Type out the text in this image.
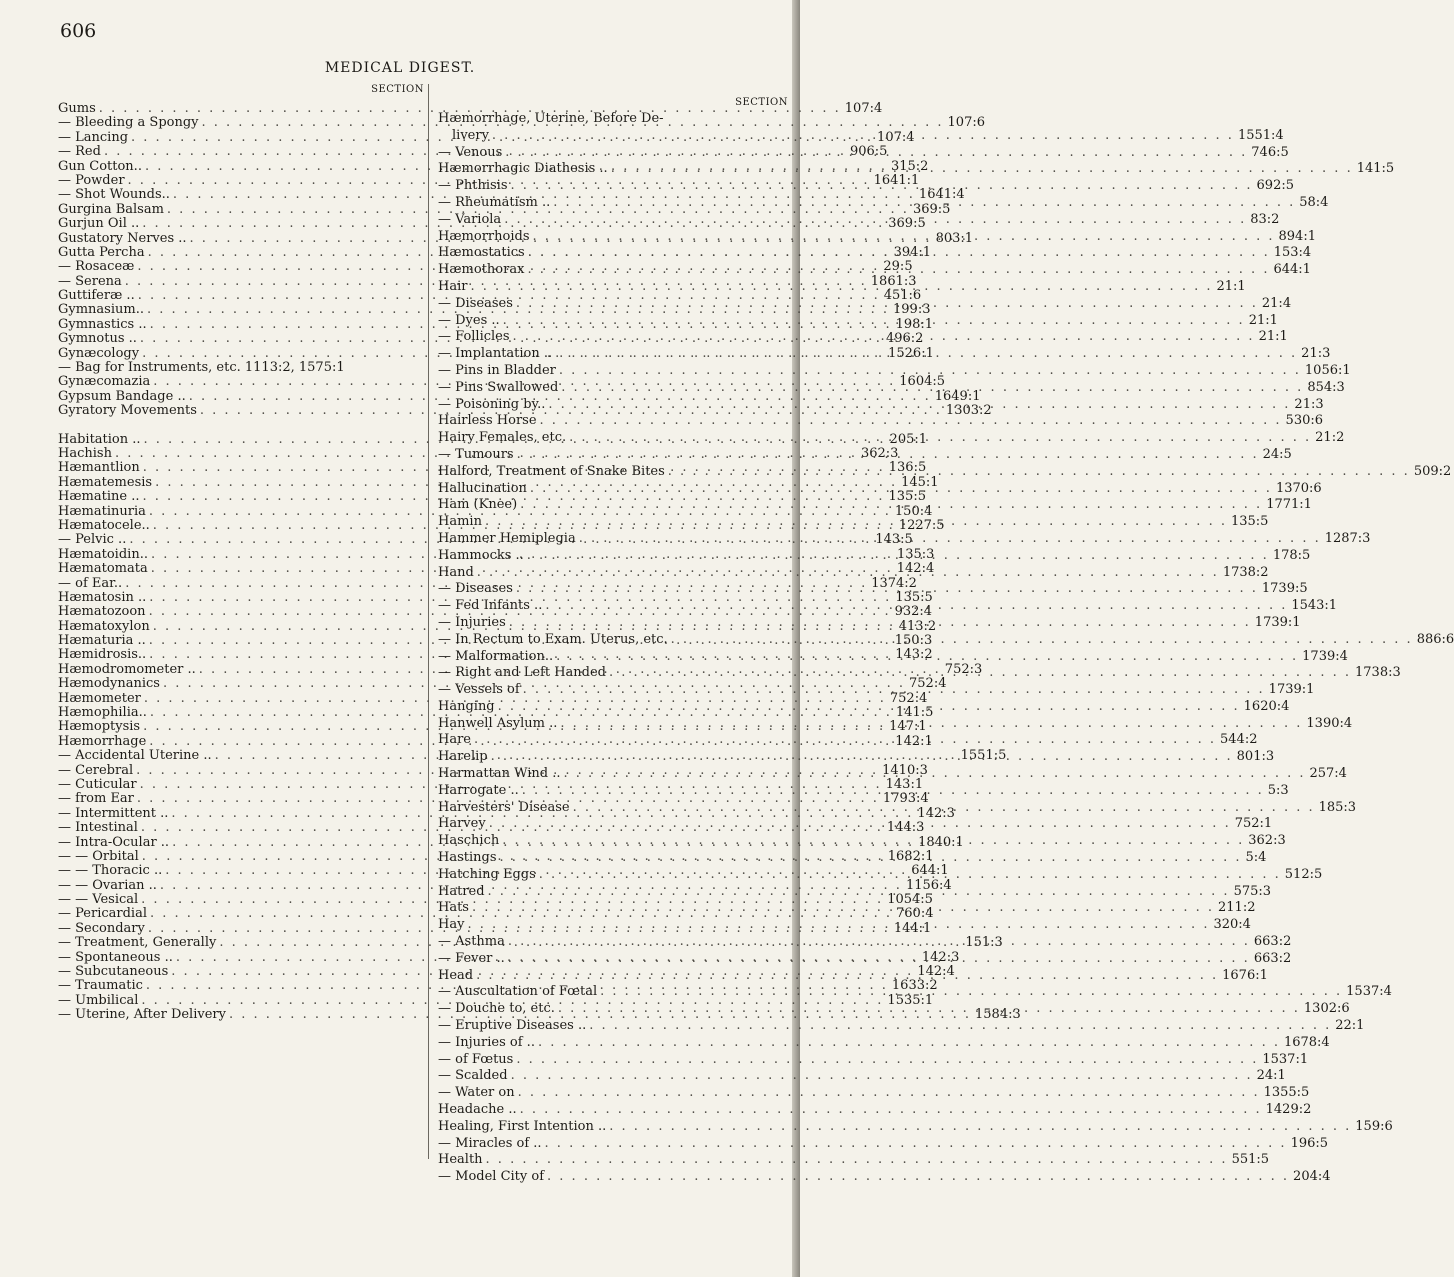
606
MEDICAL DIGEST.
SECTION
Gums . . .	107:4
— Bleeding a Spongy . . .	107:6
— Lancing . . .	107:4
— Red . . .	906:5
Gun Cotton.. . . .	315:2
— Powder . . .	1641:1
— Shot Wounds.. . . .	1641:4
Gurgina Balsam . . .	369:5
Gurjun Oil .. . . .	369:5
Gustatory Nerves .. . . .	803:1
Gutta Percha . . .	394:1
— Rosaceæ . . .	29:5
— Serena . . .	1861:3
Guttiferæ .. . . .	451:6
Gymnasium.. . . .	199:3
Gymnastics .. . . .	198:1
Gymnotus .. . . .	496:2
Gynæcology . . .	1526:1
— Bag for Instruments, etc. 1113:2, 1575:1
Gynæcomazia . . .	1604:5
Gypsum Bandage .. . . .	1649:1
Gyratory Movements . . .	1303:2
Habitation .. . . .	205:1
Hachish . . .	362:3
Hæmantlion . . .	136:5
Hæmatemesis . . .	145:1
Hæmatine .. . . .	135:5
Hæmatinuria . . .	150:4
Hæmatocele.. . . .	1227:5
— Pelvic .. . . .	143:5
Hæmatoidin.. . . .	135:3
Hæmatomata . . .	142:4
— of Ear.. . . .	1374:2
Hæmatosin .. . . .	135:5
Hæmatozoon . . .	932:4
Hæmatoxylon . . .	413:2
Hæmaturia .. . . .	150:3
Hæmidrosis.. . . .	143:2
Hæmodromometer .. . . .	752:3
Hæmodynanics . . .	752:4
Hæmometer . . .	752:4
Hæmophilia.. . . .	141:5
Hæmoptysis . . .	147:1
Hæmorrhage . . .	142:1
— Accidental Uterine .. . . .	1551:5
— Cerebral . . .	1410:3
— Cuticular . . .	143:1
— from Ear . . .	1793:4
— Intermittent .. . . .	142:3
— Intestinal . . .	144:3
— Intra-Ocular .. . . .	1840:1
— — Orbital . . .	1682:1
— — Thoracic .. . . .	644:1
— — Ovarian .. . . .	1156:4
— — Vesical . . .	1054:5
— Pericardial . . .	760:4
— Secondary . . .	144:1
— Treatment, Generally . . .	151:3
— Spontaneous .. . . .	142:3
— Subcutaneous . . .	142:4
— Traumatic . . .	1633:2
— Umbilical . . .	1535:1
— Uterine, After Delivery . . .	1584:3
SECTION
Hæmorrhage, Uterine, Before De-
livery . . .	1551:4
— Venous . . .	746:5
Hæmorrhagic Diathesis .. . . .	141:5
— Phthisis . . .	692:5
— Rheumatism .. . . .	58:4
— Variola . . .	83:2
Hæmorrhoids . . .	894:1
Hæmostatics . . .	153:4
Hæmothorax . . .	644:1
Hair . . .	21:1
— Diseases . . .	21:4
— Dyes .. . . .	21:1
— Follicles . . .	21:1
— Implantation .. . . .	21:3
— Pins in Bladder . . .	1056:1
— Pins Swallowed . . .	854:3
— Poisoning by.. . . .	21:3
Hairless Horse . . .	530:6
Hairy Females, etc. . . .	21:2
— Tumours . . .	24:5
Halford, Treatment of Snake Bites . . .	509:2
Hallucination . . .	1370:6
Ham (Knee) . . .	1771:1
Hamin . . .	135:5
Hammer Hemiplegia . . .	1287:3
Hammocks .. . . .	178:5
Hand . . .	1738:2
— Diseases . . .	1739:5
— Fed Infants .. . . .	1543:1
— Injuries . . .	1739:1
— In Rectum to Exam. Uterus, etc. . . .	886:6
— Malformation.. . . .	1739:4
— Right and Left Handed . . .	1738:3
— Vessels of . . .	1739:1
Hanging . . .	1620:4
Hanwell Asylum .. . . .	1390:4
Hare . . .	544:2
Harelip . . .	801:3
Harmattan Wind .. . . .	257:4
Harrogate .. . . .	5:3
Harvesters' Disease . . .	185:3
Harvey . . .	752:1
Haschich . . .	362:3
Hastings . . .	5:4
Hatching Eggs . . .	512:5
Hatred . . .	575:3
Hats . . .	211:2
Hay . . .	320:4
— Asthma . . .	663:2
— Fever .. . . .	663:2
Head . . .	1676:1
— Auscultation of Fœtal . . .	1537:4
— Douche to, etc. . . .	1302:6
— Eruptive Diseases .. . . .	22:1
— Injuries of .. . . .	1678:4
— of Fœtus . . .	1537:1
— Scalded . . .	24:1
— Water on . . .	1355:5
Headache .. . . .	1429:2
Healing, First Intention .. . . .	159:6
— Miracles of .. . . .	196:5
Health . . .	551:5
— Model City of . . .	204:4
